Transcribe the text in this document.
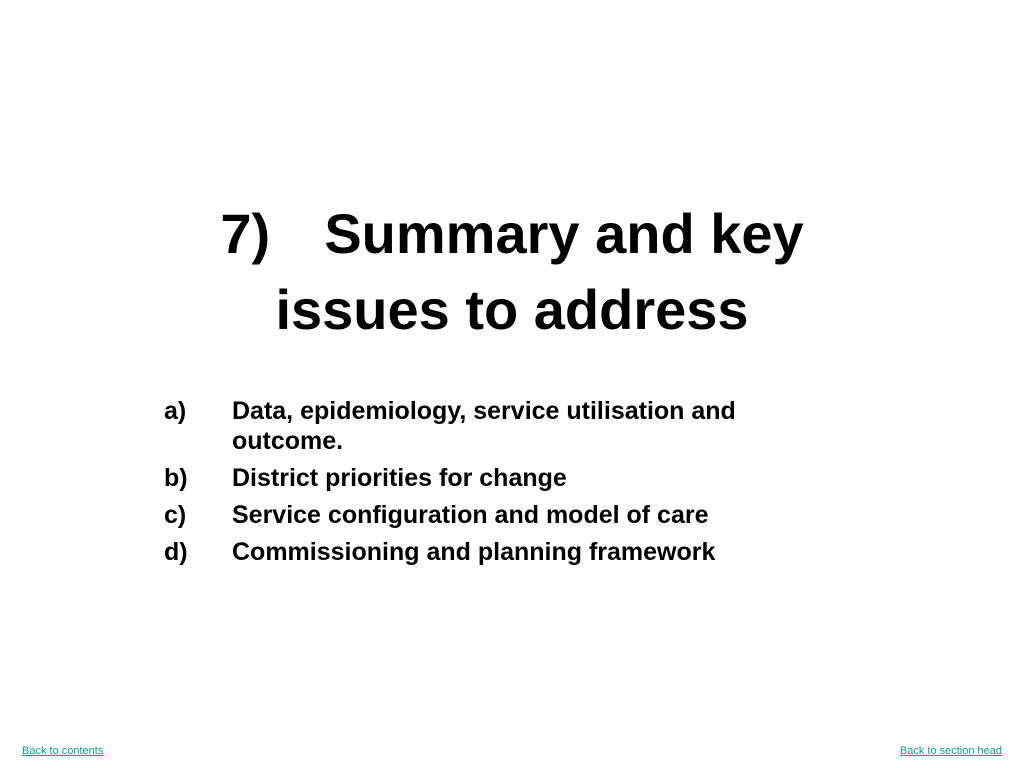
7) Summary and key issues to address
a)	Data, epidemiology, service utilisation and outcome.
b)	District priorities for change
c)	Service configuration and model of care
d)	Commissioning and planning framework
Back to contents	Back to section head
